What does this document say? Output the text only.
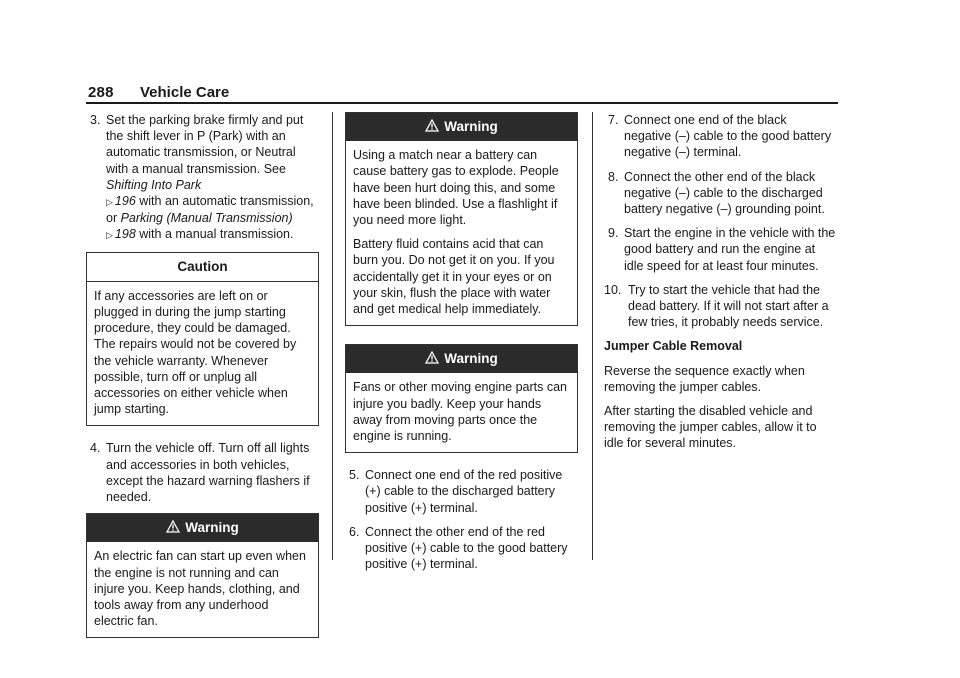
288 Vehicle Care
3. Set the parking brake firmly and put the shift lever in P (Park) with an automatic transmission, or Neutral with a manual transmission. See Shifting Into Park
▷ 196 with an automatic transmission, or Parking (Manual Transmission) ▷ 198 with a manual transmission.
Caution

If any accessories are left on or plugged in during the jump starting procedure, they could be damaged. The repairs would not be covered by the vehicle warranty. Whenever possible, turn off or unplug all accessories on either vehicle when jump starting.

4. Turn the vehicle off. Turn off all lights and accessories in both vehicles, except the hazard warning flashers if needed.
Warning

An electric fan can start up even when the engine is not running and can injure you. Keep hands, clothing, and tools away from any underhood electric fan.

Warning

Using a match near a battery can cause battery gas to explode. People have been hurt doing this, and some have been blinded. Use a flashlight if you need more light.

Battery fluid contains acid that can burn you. Do not get it on you. If you accidentally get it in your eyes or on your skin, flush the place with water and get medical help immediately.

Warning

Fans or other moving engine parts can injure you badly. Keep your hands away from moving parts once the engine is running.

5. Connect one end of the red positive (+) cable to the discharged battery positive (+) terminal.
6. Connect the other end of the red positive (+) cable to the good battery positive (+) terminal.
7. Connect one end of the black negative (–) cable to the good battery negative (–) terminal.
8. Connect the other end of the black negative (–) cable to the discharged battery negative (–) grounding point.
9. Start the engine in the vehicle with the good battery and run the engine at idle speed for at least four minutes.
10. Try to start the vehicle that had the dead battery. If it will not start after a few tries, it probably needs service.
Jumper Cable Removal

Reverse the sequence exactly when removing the jumper cables.

After starting the disabled vehicle and removing the jumper cables, allow it to idle for several minutes.
